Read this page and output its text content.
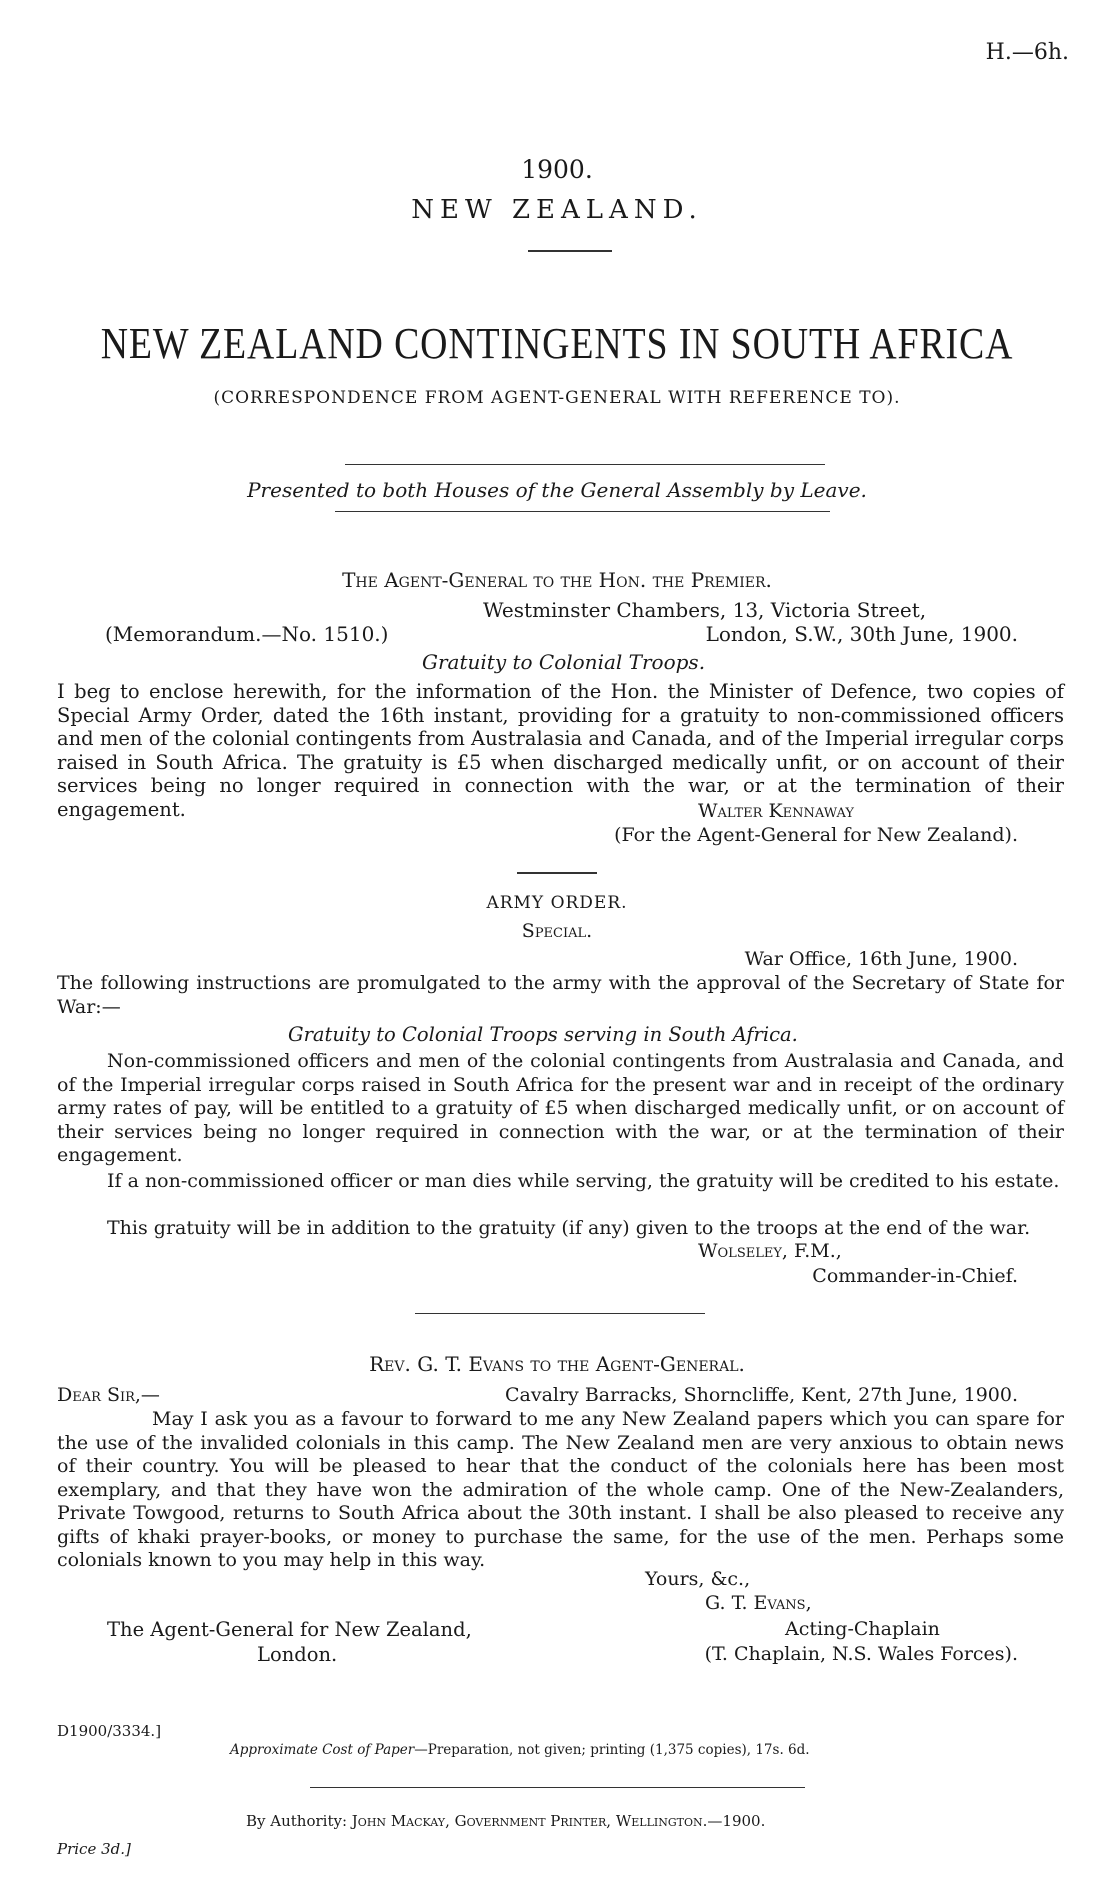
H.—6h.
1900.
NEW ZEALAND.
NEW ZEALAND CONTINGENTS IN SOUTH AFRICA
(CORRESPONDENCE FROM AGENT-GENERAL WITH REFERENCE TO).
Presented to both Houses of the General Assembly by Leave.
The Agent-General to the Hon. the Premier.
Westminster Chambers, 13, Victoria Street,
(Memorandum.—No. 1510.)	London, S.W., 30th June, 1900.
Gratuity to Colonial Troops.
I beg to enclose herewith, for the information of the Hon. the Minister of Defence, two copies of Special Army Order, dated the 16th instant, providing for a gratuity to non-commissioned officers and men of the colonial contingents from Australasia and Canada, and of the Imperial irregular corps raised in South Africa. The gratuity is £5 when discharged medically unfit, or on account of their services being no longer required in connection with the war, or at the termination of their engagement.	Walter Kennaway
(For the Agent-General for New Zealand).
ARMY ORDER.
Special.
War Office, 16th June, 1900.
The following instructions are promulgated to the army with the approval of the Secretary of State for War:—
Gratuity to Colonial Troops serving in South Africa.
Non-commissioned officers and men of the colonial contingents from Australasia and Canada, and of the Imperial irregular corps raised in South Africa for the present war and in receipt of the ordinary army rates of pay, will be entitled to a gratuity of £5 when discharged medically unfit, or on account of their services being no longer required in connection with the war, or at the termination of their engagement.
If a non-commissioned officer or man dies while serving, the gratuity will be credited to his estate.
This gratuity will be in addition to the gratuity (if any) given to the troops at the end of the war.
Wolseley, F.M.,
Commander-in-Chief.
Rev. G. T. Evans to the Agent-General.
Dear Sir,—	Cavalry Barracks, Shorncliffe, Kent, 27th June, 1900.
May I ask you as a favour to forward to me any New Zealand papers which you can spare for the use of the invalided colonials in this camp. The New Zealand men are very anxious to obtain news of their country. You will be pleased to hear that the conduct of the colonials here has been most exemplary, and that they have won the admiration of the whole camp. One of the New-Zealanders, Private Towgood, returns to South Africa about the 30th instant. I shall be also pleased to receive any gifts of khaki prayer-books, or money to purchase the same, for the use of the men. Perhaps some colonials known to you may help in this way.
Yours, &c.,
G. T. Evans,
The Agent-General for New Zealand,	Acting-Chaplain
London.	(T. Chaplain, N.S. Wales Forces).
D1900/3334.]
Approximate Cost of Paper—Preparation, not given; printing (1,375 copies), 17s. 6d.
By Authority: John Mackay, Government Printer, Wellington.—1900.
Price 3d.]
